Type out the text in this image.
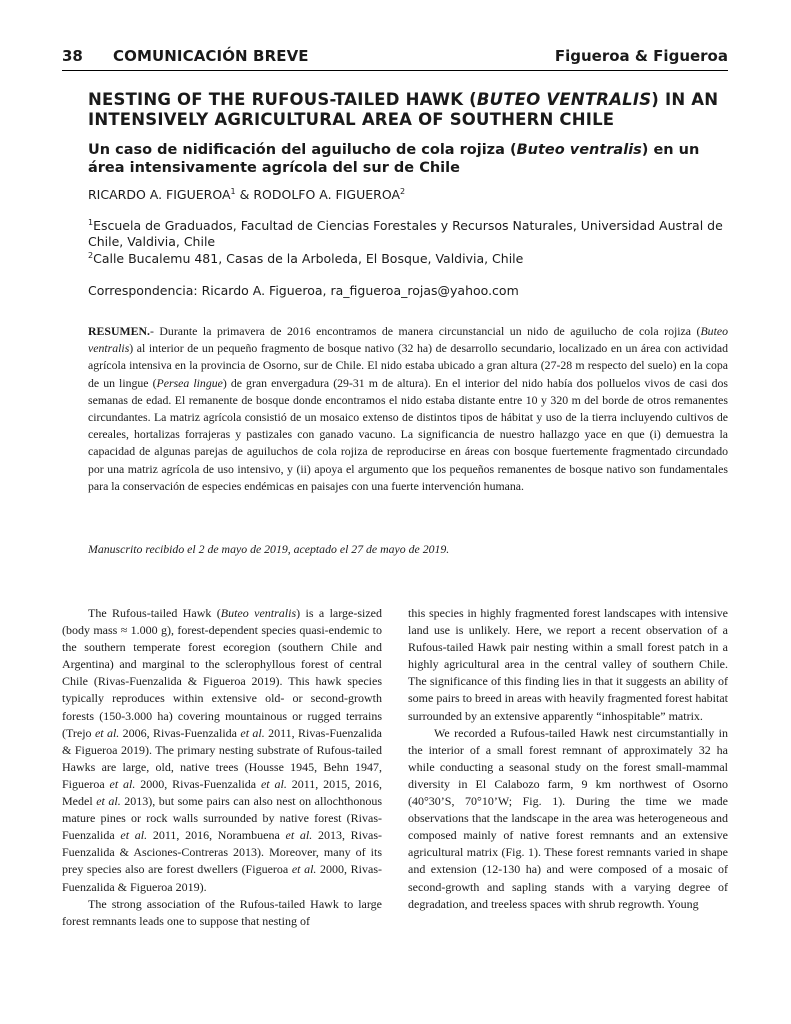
38 COMUNICACIÓN BREVE	Figueroa & Figueroa
NESTING OF THE RUFOUS-TAILED HAWK (BUTEO VENTRALIS) IN AN INTENSIVELY AGRICULTURAL AREA OF SOUTHERN CHILE
Un caso de nidificación del aguilucho de cola rojiza (Buteo ventralis) en un área intensivamente agrícola del sur de Chile

RICARDO A. FIGUEROA$^1$ & RODOLFO A. FIGUEROA$^2$

$^1$Escuela de Graduados, Facultad de Ciencias Forestales y Recursos Naturales, Universidad Austral de Chile, Valdivia, Chile

$^2$Calle Bucalemu 481, Casas de la Arboleda, El Bosque, Valdivia, Chile

Correspondencia: Ricardo A. Figueroa, ra_figueroa_rojas@yahoo.com

RESUMEN.- Durante la primavera de 2016 encontramos de manera circunstancial un nido de aguilucho de cola rojiza (Buteo ventralis) al interior de un pequeño fragmento de bosque nativo (32 ha) de desarrollo secundario, localizado en un área con actividad agrícola intensiva en la provincia de Osorno, sur de Chile. El nido estaba ubicado a gran altura (27-28 m respecto del suelo) en la copa de un lingue (Persea lingue) de gran envergadura (29-31 m de altura). En el interior del nido había dos polluelos vivos de casi dos semanas de edad. El remanente de bosque donde encontramos el nido estaba distante entre 10 y 320 m del borde de otros remanentes circundantes. La matriz agrícola consistió de un mosaico extenso de distintos tipos de hábitat y uso de la tierra incluyendo cultivos de cereales, hortalizas forrajeras y pastizales con ganado vacuno. La significancia de nuestro hallazgo yace en que (i) demuestra la capacidad de algunas parejas de aguiluchos de cola rojiza de reproducirse en áreas con bosque fuertemente fragmentado circundado por una matriz agrícola de uso intensivo, y (ii) apoya el argumento que los pequeños remanentes de bosque nativo son fundamentales para la conservación de especies endémicas en paisajes con una fuerte intervención humana.

Manuscrito recibido el 2 de mayo de 2019, aceptado el 27 de mayo de 2019.

The Rufous-tailed Hawk (Buteo ventralis) is a large-sized (body mass ≈ 1.000 g), forest-dependent species quasi-endemic to the southern temperate forest ecoregion (southern Chile and Argentina) and marginal to the sclerophyllous forest of central Chile (Rivas-Fuenzalida & Figueroa 2019). This hawk species typically reproduces within extensive old- or second-growth forests (150-3.000 ha) covering mountainous or rugged terrains (Trejo et al. 2006, Rivas-Fuenzalida et al. 2011, Rivas-Fuenzalida & Figueroa 2019). The primary nesting substrate of Rufous-tailed Hawks are large, old, native trees (Housse 1945, Behn 1947, Figueroa et al. 2000, Rivas-Fuenzalida et al. 2011, 2015, 2016, Medel et al. 2013), but some pairs can also nest on allochthonous mature pines or rock walls surrounded by native forest (Rivas-Fuenzalida et al. 2011, 2016, Norambuena et al. 2013, Rivas-Fuenzalida & Asciones-Contreras 2013). Moreover, many of its prey species also are forest dwellers (Figueroa et al. 2000, Rivas-Fuenzalida & Figueroa 2019).

The strong association of the Rufous-tailed Hawk to large forest remnants leads one to suppose that nesting of

this species in highly fragmented forest landscapes with intensive land use is unlikely. Here, we report a recent observation of a Rufous-tailed Hawk pair nesting within a small forest patch in a highly agricultural area in the central valley of southern Chile. The significance of this finding lies in that it suggests an ability of some pairs to breed in areas with heavily fragmented forest habitat surrounded by an extensive apparently “inhospitable” matrix.

We recorded a Rufous-tailed Hawk nest circumstantially in the interior of a small forest remnant of approximately 32 ha while conducting a seasonal study on the forest small-mammal diversity in El Calabozo farm, 9 km northwest of Osorno (40°30’S, 70°10’W; Fig. 1). During the time we made observations that the landscape in the area was heterogeneous and composed mainly of native forest remnants and an extensive agricultural matrix (Fig. 1). These forest remnants varied in shape and extension (12-130 ha) and were composed of a mosaic of second-growth and sapling stands with a varying degree of degradation, and treeless spaces with shrub regrowth. Young
